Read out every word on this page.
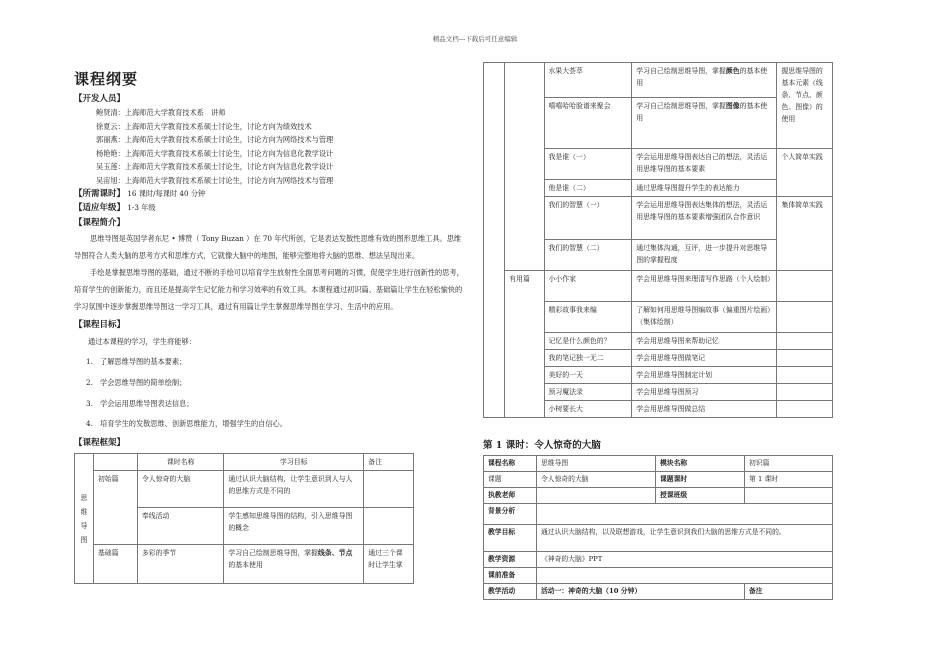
精品文档---下载后可任意编辑
课程纲要
【开发人员】
鲍贤清：上海师范大学教育技术系　讲师
徐夏云：上海师范大学教育技术系硕士讨论生，讨论方向为绩效技术
郭丽燕：上海师范大学教育技术系硕士讨论生，讨论方向为网络技术与管理
杨艳艳：上海师范大学教育技术系硕士讨论生，讨论方向为信息化教学设计
吴玉莲：上海师范大学教育技术系硕士讨论生，讨论方向为信息化教学设计
吴宙旭：上海师范大学教育技术系硕士讨论生，讨论方向为网络技术与管理
【所需课时】 16 课时/每课时 40 分钟
【适应年级】 1-3 年级
【课程简介】

思维导图是英国学者东尼 • 博赞（ Tony Buzan ）在 70 年代所创，它是表达发散性思维有效的图形思维工具。思维导图符合人类大脑的思考方式和思维方式，它就像大脑中的地图，能够完整地将大脑的思维、想法呈现出来。

手绘是掌握思维导图的基础，通过不断的手绘可以培育学生放射性全面思考问题的习惯，促使学生进行创新性的思考，培育学生的创新能力，而且还是提高学生记忆能力和学习效率的有效工具。本课程通过初识篇、基础篇让学生在轻松愉快的学习氛围中逐步掌握思维导图这一学习工具，通过有用篇让学生掌握思维导图在学习、生活中的应用。

【课程目标】
通过本课程的学习，学生将能够：
1.　了解思维导图的基本要素；
2.　学会思维导图的简单绘制；
3.　学会运用思维导图表达信息；
4.　培育学生的发散思维、创新思维能力，增强学生的自信心。
【课程框架】
思维导图		课时名称	学习目标	备注
	初始篇	令人惊奇的大脑	通过认识大脑结构，让学生意识到人与人的思维方式是不同的	
		奉线活动	学生感知思维导图的结构，引入思维导图的概念	
	基础篇	多彩的季节	学习自己绘制思维导图，掌握线条、节点的基本使用	通过三个课时让学生掌
		水果大荟萃	学习自己绘制思维导图，掌握颜色的基本使用	握思维导图的基本元素（线条、节点、颜色、图像）的使用
		嘻嘻哈哈脸谱来聚会	学习自己绘制思维导图，掌握图像的基本使用	
		我是谁（一）	学会运用思维导图表达自己的想法，灵活运用思维导图的基本要素	个人简单实践
		他是谁（二）	通过思维导图提升学生的表达能力	
		我们的智慧（一）	学会运用思维导图表达集体的想法，灵活运用思维导图的基本要素增强团队合作意识	集体简单实践
		我们的智慧（二）	通过集体沟通，互评，进一步提升对思维导图的掌握程度	
	有用篇	小小作家	学会用思维导图来理清写作思路（个人绘制）	
		精彩故事我来编	了解如何用思维导图编故事（偏重图片绘画）（集体绘制）	
		记忆是什么颜色的？	学会用思维导图来帮助记忆	
		我的笔记独一无二	学会用思维导图做笔记	
		美好的一天	学会用思维导图制定计划	
		预习魔法录	学会用思维导图预习	
		小树要长大	学会用思维导图做总结	
第 1 课时：令人惊奇的大脑
课程名称	思维导图	模块名称	初识篇
课题	令人惊奇的大脑	课题课时	第 1 课时
执教老师		授课班级	
背景分析			
教学目标	通过认识大脑结构，以及联想游戏，让学生意识到我们大脑的思维方式是不同的。		
教学资源	《神奇的大脑》PPT		
课前准备			
教学活动	活动一：神奇的大脑（10 分钟）		备注
